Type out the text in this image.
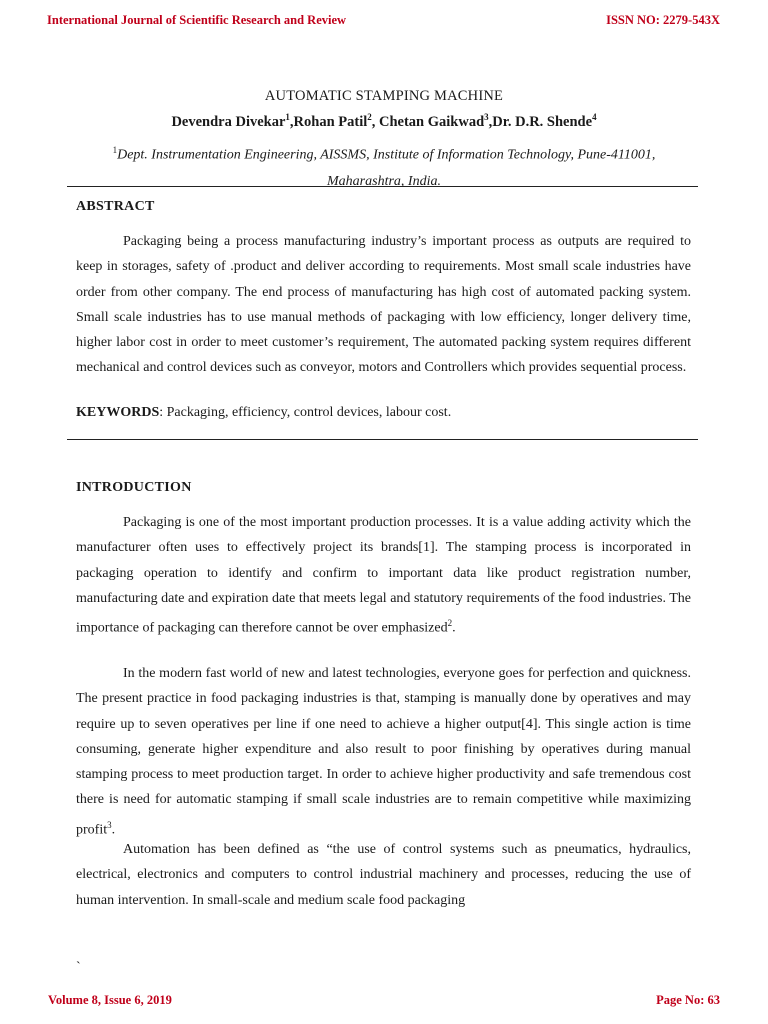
International Journal of Scientific Research and Review	ISSN NO: 2279-543X
AUTOMATIC STAMPING MACHINE
Devendra Divekar$^1$,Rohan Patil$^2$, Chetan Gaikwad$^3$,Dr. D.R. Shende$^4$
$^1$Dept. Instrumentation Engineering, AISSMS, Institute of Information Technology, Pune-411001,
Maharashtra, India.
ABSTRACT

Packaging being a process manufacturing industry’s important process as outputs are required to keep in storages, safety of .product and deliver according to requirements. Most small scale industries have order from other company. The end process of manufacturing has high cost of automated packing system. Small scale industries has to use manual methods of packaging with low efficiency, longer delivery time, higher labor cost in order to meet customer’s requirement, The automated packing system requires different mechanical and control devices such as conveyor, motors and Controllers which provides sequential process.

KEYWORDS: Packaging, efficiency, control devices, labour cost.
INTRODUCTION

Packaging is one of the most important production processes. It is a value adding activity which the manufacturer often uses to effectively project its brands[1]. The stamping process is incorporated in packaging operation to identify and confirm to important data like product registration number, manufacturing date and expiration date that meets legal and statutory requirements of the food industries. The importance of packaging can therefore cannot be over emphasized$^2$.

In the modern fast world of new and latest technologies, everyone goes for perfection and quickness. The present practice in food packaging industries is that, stamping is manually done by operatives and may require up to seven operatives per line if one need to achieve a higher output[4]. This single action is time consuming, generate higher expenditure and also result to poor finishing by operatives during manual stamping process to meet production target. In order to achieve higher productivity and safe tremendous cost there is need for automatic stamping if small scale industries are to remain competitive while maximizing profit$^3$.

Automation has been defined as “the use of control systems such as pneumatics, hydraulics, electrical, electronics and computers to control industrial machinery and processes, reducing the use of human intervention. In small-scale and medium scale food packaging

`
Volume 8, Issue 6, 2019	Page No: 63
